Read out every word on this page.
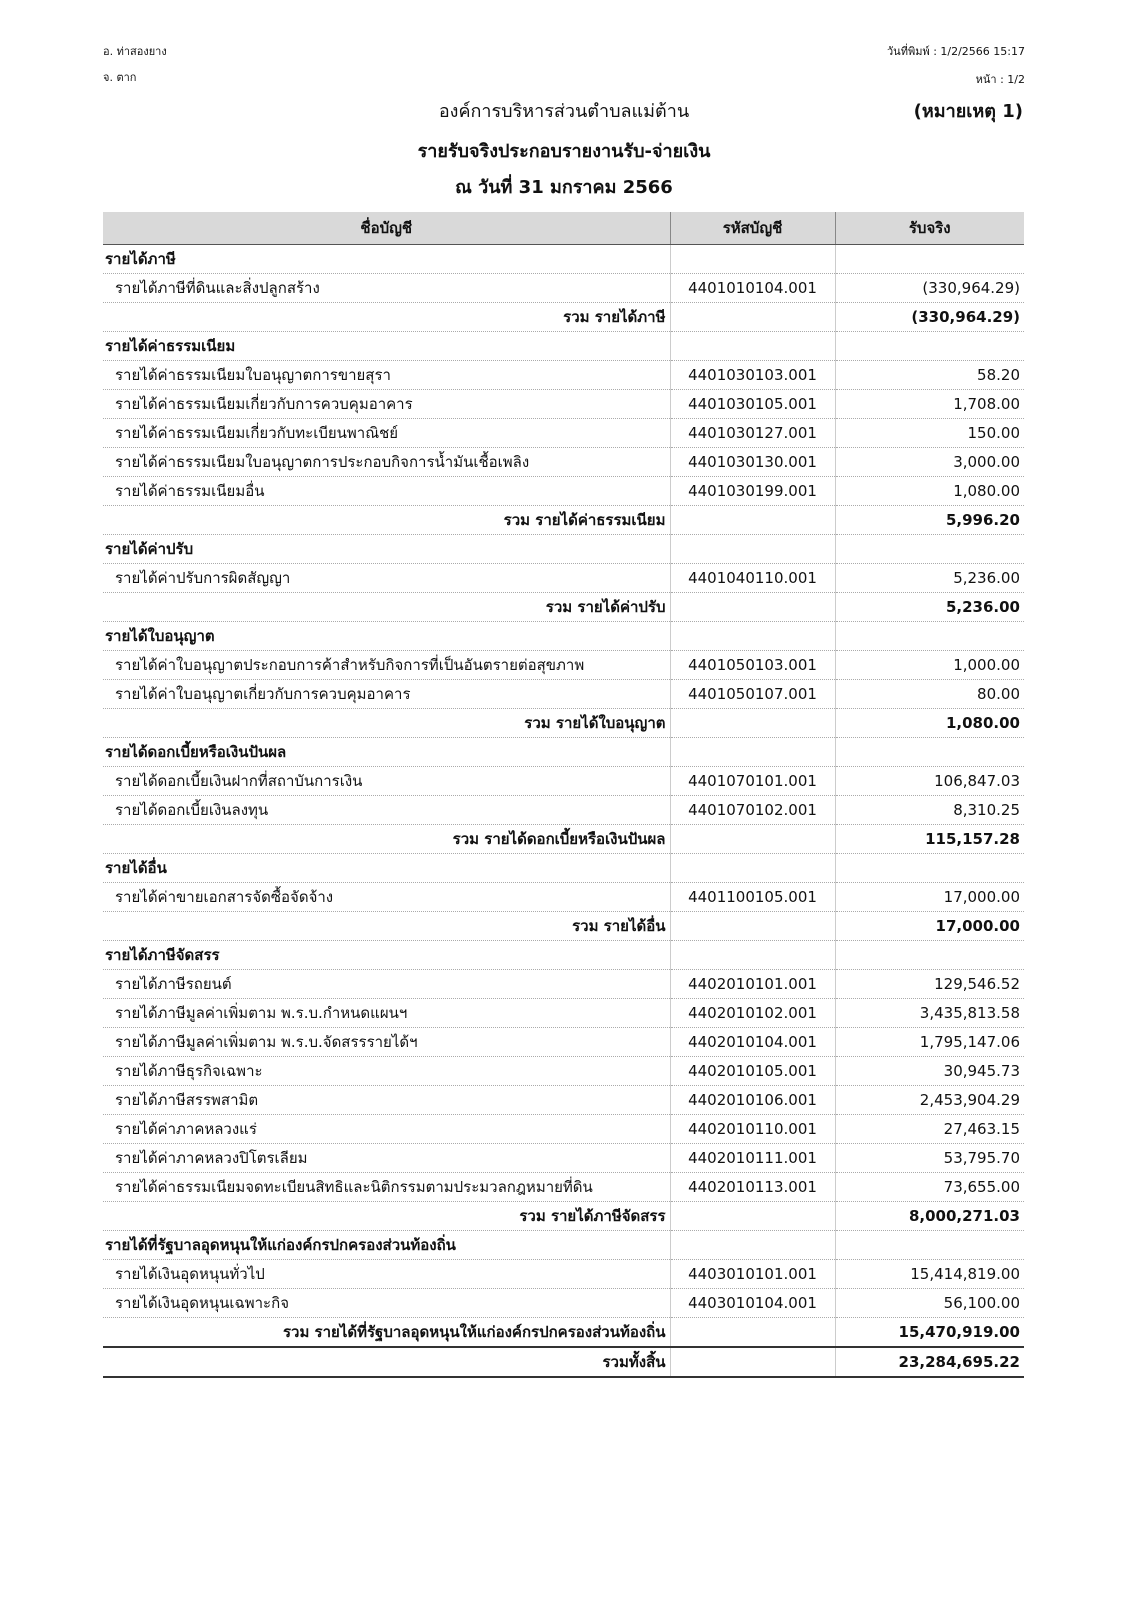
อ. ท่าสองยาง
จ. ตาก
วันที่พิมพ์ : 1/2/2566 15:17
หน้า : 1/2
องค์การบริหารส่วนตำบลแม่ต้าน	(หมายเหตุ 1)
รายรับจริงประกอบรายงานรับ-จ่ายเงิน
ณ วันที่ 31 มกราคม 2566
ชื่อบัญชี	รหัสบัญชี	รับจริง
รายได้ภาษี		
รายได้ภาษีที่ดินและสิ่งปลูกสร้าง	4401010104.001	(330,964.29)
รวม รายได้ภาษี		(330,964.29)
รายได้ค่าธรรมเนียม		
รายได้ค่าธรรมเนียมใบอนุญาตการขายสุรา	4401030103.001	58.20
รายได้ค่าธรรมเนียมเกี่ยวกับการควบคุมอาคาร	4401030105.001	1,708.00
รายได้ค่าธรรมเนียมเกี่ยวกับทะเบียนพาณิชย์	4401030127.001	150.00
รายได้ค่าธรรมเนียมใบอนุญาตการประกอบกิจการน้ำมันเชื้อเพลิง	4401030130.001	3,000.00
รายได้ค่าธรรมเนียมอื่น	4401030199.001	1,080.00
รวม รายได้ค่าธรรมเนียม		5,996.20
รายได้ค่าปรับ		
รายได้ค่าปรับการผิดสัญญา	4401040110.001	5,236.00
รวม รายได้ค่าปรับ		5,236.00
รายได้ใบอนุญาต		
รายได้ค่าใบอนุญาตประกอบการค้าสำหรับกิจการที่เป็นอันตรายต่อสุขภาพ	4401050103.001	1,000.00
รายได้ค่าใบอนุญาตเกี่ยวกับการควบคุมอาคาร	4401050107.001	80.00
รวม รายได้ใบอนุญาต		1,080.00
รายได้ดอกเบี้ยหรือเงินปันผล		
รายได้ดอกเบี้ยเงินฝากที่สถาบันการเงิน	4401070101.001	106,847.03
รายได้ดอกเบี้ยเงินลงทุน	4401070102.001	8,310.25
รวม รายได้ดอกเบี้ยหรือเงินปันผล		115,157.28
รายได้อื่น		
รายได้ค่าขายเอกสารจัดซื้อจัดจ้าง	4401100105.001	17,000.00
รวม รายได้อื่น		17,000.00
รายได้ภาษีจัดสรร		
รายได้ภาษีรถยนต์	4402010101.001	129,546.52
รายได้ภาษีมูลค่าเพิ่มตาม พ.ร.บ.กำหนดแผนฯ	4402010102.001	3,435,813.58
รายได้ภาษีมูลค่าเพิ่มตาม พ.ร.บ.จัดสรรรายได้ฯ	4402010104.001	1,795,147.06
รายได้ภาษีธุรกิจเฉพาะ	4402010105.001	30,945.73
รายได้ภาษีสรรพสามิต	4402010106.001	2,453,904.29
รายได้ค่าภาคหลวงแร่	4402010110.001	27,463.15
รายได้ค่าภาคหลวงปิโตรเลียม	4402010111.001	53,795.70
รายได้ค่าธรรมเนียมจดทะเบียนสิทธิและนิติกรรมตามประมวลกฎหมายที่ดิน	4402010113.001	73,655.00
รวม รายได้ภาษีจัดสรร		8,000,271.03
รายได้ที่รัฐบาลอุดหนุนให้แก่องค์กรปกครองส่วนท้องถิ่น		
รายได้เงินอุดหนุนทั่วไป	4403010101.001	15,414,819.00
รายได้เงินอุดหนุนเฉพาะกิจ	4403010104.001	56,100.00
รวม รายได้ที่รัฐบาลอุดหนุนให้แก่องค์กรปกครองส่วนท้องถิ่น		15,470,919.00
รวมทั้งสิ้น		23,284,695.22
